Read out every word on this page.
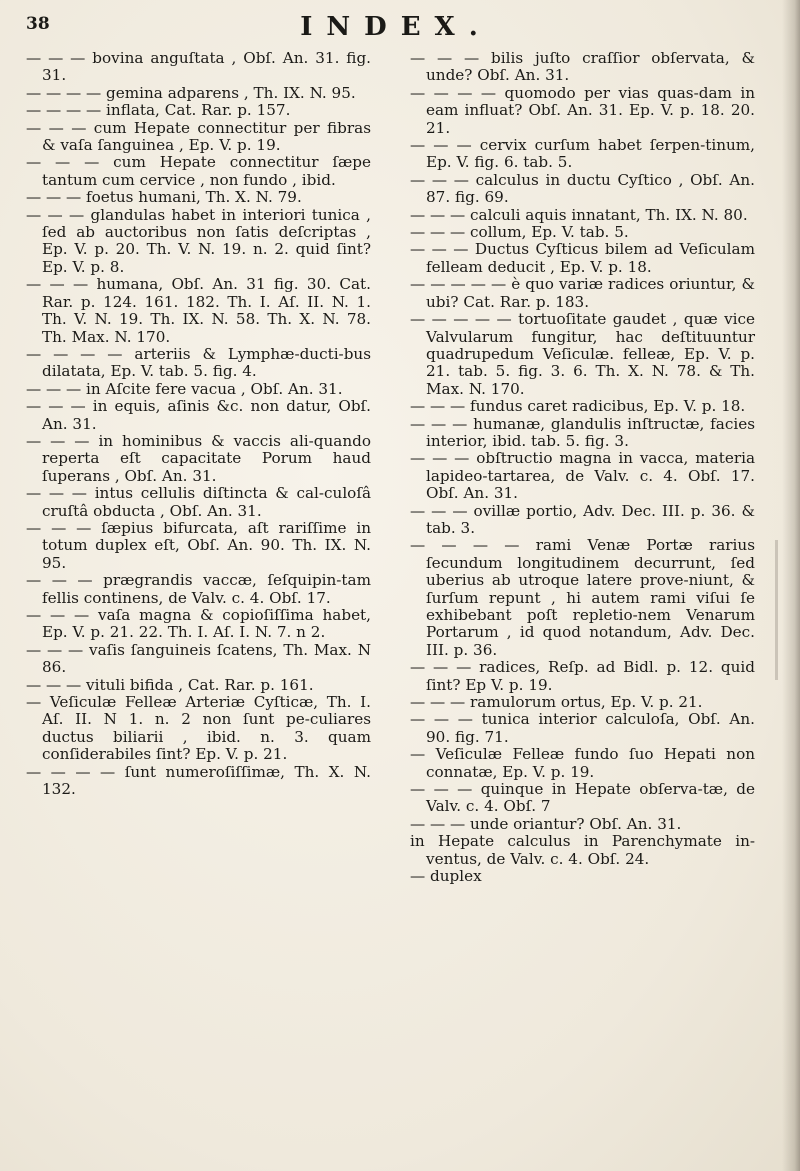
38	INDEX.
— — — bovina anguſtata , Obſ. An. 31. fig. 31.
— — — — gemina adparens , Th. IX. N. 95.
— — — — inflata, Cat. Rar. p. 157.
— — — cum Hepate connectitur per fibras & vaſa ſanguinea , Ep. V. p. 19.
— — — cum Hepate connectitur ſæpe tantum cum cervice , non fundo , ibid.
— — — foetus humani, Th. X. N. 79.
— — — glandulas habet in interiori tunica , ſed ab auctoribus non ſatis deſcriptas , Ep. V. p. 20. Th. V. N. 19. n. 2. quid ſint? Ep. V. p. 8.
— — — humana, Obſ. An. 31 fig. 30. Cat. Rar. p. 124. 161. 182. Th. I. Aſ. II. N. 1. Th. V. N. 19. Th. IX. N. 58. Th. X. N. 78. Th. Max. N. 170.
— — — — arteriis & Lymphæ-ducti-bus dilatata, Ep. V. tab. 5. fig. 4.
— — — in Aſcite fere vacua , Obſ. An. 31.
— — — in equis, aſinis &c. non datur, Obſ. An. 31.
— — — in hominibus & vaccis ali-quando reperta eſt capacitate Porum haud ſuperans , Obſ. An. 31.
— — — intus cellulis diſtincta & cal-culoſâ cruſtâ obducta , Obſ. An. 31.
— — — ſæpius bifurcata, aſt rariſſime in totum duplex eſt, Obſ. An. 90. Th. IX. N. 95.
— — — prægrandis vaccæ, ſeſquipin-tam fellis continens, de Valv. c. 4. Obſ. 17.
— — — vaſa magna & copioſiſſima habet, Ep. V. p. 21. 22. Th. I. Aſ. I. N. 7. n 2.
— — — vaſis ſanguineis ſcatens, Th. Max. N 86.
— — — vituli bifida , Cat. Rar. p. 161.
— Veſiculæ Felleæ Arteriæ Cyſticæ, Th. I. Aſ. II. N 1. n. 2 non ſunt pe-culiares ductus biliarii , ibid. n. 3. quam conſiderabiles ſint? Ep. V. p. 21.
— — — — ſunt numeroſiſſimæ, Th. X. N. 132.
— — — bilis juſto craſſior obſervata, & unde? Obſ. An. 31.
— — — — quomodo per vias quas-dam in eam influat? Obſ. An. 31. Ep. V. p. 18. 20. 21.
— — — cervix curſum habet ſerpen-tinum, Ep. V. fig. 6. tab. 5.
— — — calculus in ductu Cyſtico , Obſ. An. 87. fig. 69.
— — — calculi aquis innatant, Th. IX. N. 80.
— — — collum, Ep. V. tab. 5.
— — — Ductus Cyſticus bilem ad Veſiculam felleam deducit , Ep. V. p. 18.
— — — — — è quo variæ radices oriuntur, & ubi? Cat. Rar. p. 183.
— — — — — tortuoſitate gaudet , quæ vice Valvularum fungitur, hac deſtituuntur quadrupedum Veſiculæ. felleæ, Ep. V. p. 21. tab. 5. fig. 3. 6. Th. X. N. 78. & Th. Max. N. 170.
— — — fundus caret radicibus, Ep. V. p. 18.
— — — humanæ, glandulis inſtructæ, facies interior, ibid. tab. 5. fig. 3.
— — — obſtructio magna in vacca, materia lapideo-tartarea, de Valv. c. 4. Obſ. 17. Obſ. An. 31.
— — — ovillæ portio, Adv. Dec. III. p. 36. & tab. 3.
— — — — rami Venæ Portæ rarius ſecundum longitudinem decurrunt, ſed uberius ab utroque latere prove-niunt, & ſurſum repunt , hi autem rami viſui ſe exhibebant poſt repletio-nem Venarum Portarum , id quod notandum, Adv. Dec. III. p. 36.
— — — radices, Reſp. ad Bidl. p. 12. quid ſint? Ep V. p. 19.
— — — ramulorum ortus, Ep. V. p. 21.
— — — tunica interior calculoſa, Obſ. An. 90. fig. 71.
— Veſiculæ Felleæ fundo ſuo Hepati non connatæ, Ep. V. p. 19.
— — — quinque in Hepate obſerva-tæ, de Valv. c. 4. Obſ. 7
— — — unde oriantur? Obſ. An. 31.
in Hepate calculus in Parenchymate in-ventus, de Valv. c. 4. Obſ. 24.
— duplex
